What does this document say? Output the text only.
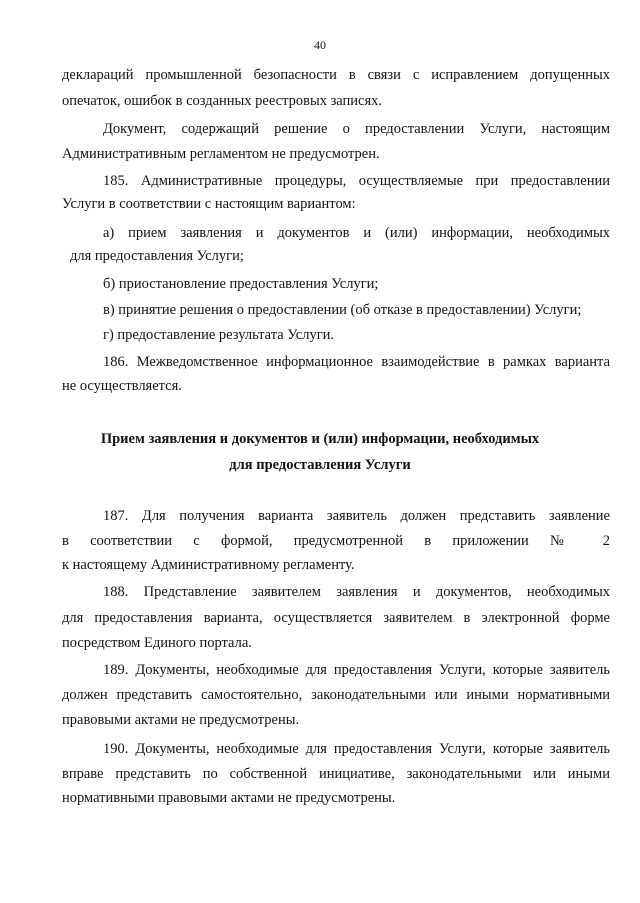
40
деклараций промышленной безопасности в связи с исправлением допущенных
опечаток, ошибок в созданных реестровых записях.
Документ, содержащий решение о предоставлении Услуги, настоящим
Административным регламентом не предусмотрен.
185. Административные процедуры, осуществляемые при предоставлении
Услуги в соответствии с настоящим вариантом:
а) прием заявления и документов и (или) информации, необходимых
для предоставления Услуги;
б) приостановление предоставления Услуги;
в) принятие решения о предоставлении (об отказе в предоставлении) Услуги;
г) предоставление результата Услуги.
186. Межведомственное информационное взаимодействие в рамках варианта
не осуществляется.
Прием заявления и документов и (или) информации, необходимых
для предоставления Услуги
187. Для получения варианта заявитель должен представить заявление
в соответствии с формой, предусмотренной в приложении № 2
к настоящему Административному регламенту.
188. Представление заявителем заявления и документов, необходимых
для предоставления варианта, осуществляется заявителем в электронной форме
посредством Единого портала.
189. Документы, необходимые для предоставления Услуги, которые заявитель
должен представить самостоятельно, законодательными или иными нормативными
правовыми актами не предусмотрены.
190. Документы, необходимые для предоставления Услуги, которые заявитель
вправе представить по собственной инициативе, законодательными или иными
нормативными правовыми актами не предусмотрены.
